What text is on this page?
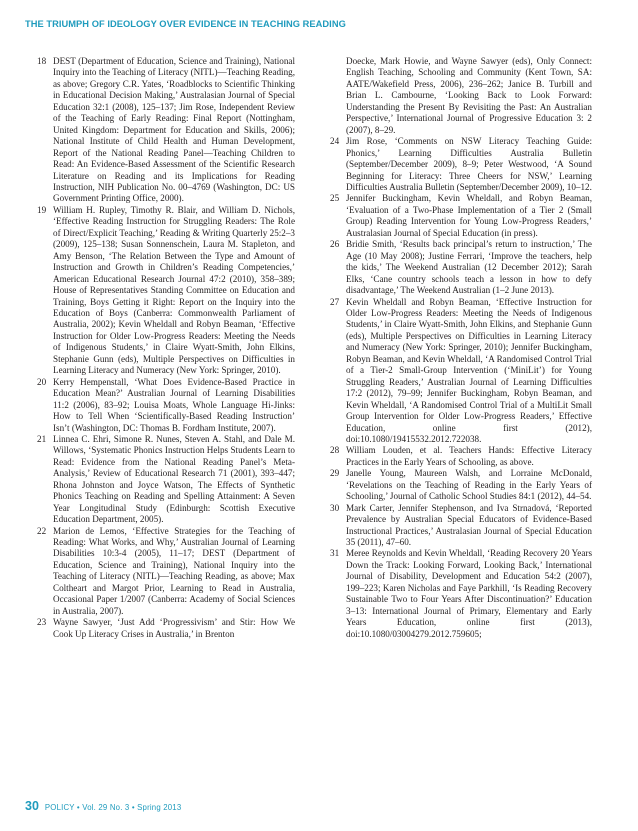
THE TRIUMPH OF IDEOLOGY OVER EVIDENCE IN TEACHING READING

18 DEST (Department of Education, Science and Training), National Inquiry into the Teaching of Literacy (NITL)—Teaching Reading, as above; Gregory C.R. Yates, ‘Roadblocks to Scientific Thinking in Educational Decision Making,’ Australasian Journal of Special Education 32:1 (2008), 125–137; Jim Rose, Independent Review of the Teaching of Early Reading: Final Report (Nottingham, United Kingdom: Department for Education and Skills, 2006); National Institute of Child Health and Human Development, Report of the National Reading Panel—Teaching Children to Read: An Evidence-Based Assessment of the Scientific Research Literature on Reading and its Implications for Reading Instruction, NIH Publication No. 00–4769 (Washington, DC: US Government Printing Office, 2000).

19 William H. Rupley, Timothy R. Blair, and William D. Nichols, ‘Effective Reading Instruction for Struggling Readers: The Role of Direct/Explicit Teaching,’ Reading & Writing Quarterly 25:2–3 (2009), 125–138; Susan Sonnenschein, Laura M. Stapleton, and Amy Benson, ‘The Relation Between the Type and Amount of Instruction and Growth in Children’s Reading Competencies,’ American Educational Research Journal 47:2 (2010), 358–389; House of Representatives Standing Committee on Education and Training, Boys Getting it Right: Report on the Inquiry into the Education of Boys (Canberra: Commonwealth Parliament of Australia, 2002); Kevin Wheldall and Robyn Beaman, ‘Effective Instruction for Older Low-Progress Readers: Meeting the Needs of Indigenous Students,’ in Claire Wyatt-Smith, John Elkins, Stephanie Gunn (eds), Multiple Perspectives on Difficulties in Learning Literacy and Numeracy (New York: Springer, 2010).

20 Kerry Hempenstall, ‘What Does Evidence-Based Practice in Education Mean?’ Australian Journal of Learning Disabilities 11:2 (2006), 83–92; Louisa Moats, Whole Language Hi-Jinks: How to Tell When ‘Scientifically-Based Reading Instruction’ Isn’t (Washington, DC: Thomas B. Fordham Institute, 2007).

21 Linnea C. Ehri, Simone R. Nunes, Steven A. Stahl, and Dale M. Willows, ‘Systematic Phonics Instruction Helps Students Learn to Read: Evidence from the National Reading Panel’s Meta-Analysis,’ Review of Educational Research 71 (2001), 393–447; Rhona Johnston and Joyce Watson, The Effects of Synthetic Phonics Teaching on Reading and Spelling Attainment: A Seven Year Longitudinal Study (Edinburgh: Scottish Executive Education Department, 2005).

22 Marion de Lemos, ‘Effective Strategies for the Teaching of Reading: What Works, and Why,’ Australian Journal of Learning Disabilities 10:3-4 (2005), 11–17; DEST (Department of Education, Science and Training), National Inquiry into the Teaching of Literacy (NITL)—Teaching Reading, as above; Max Coltheart and Margot Prior, Learning to Read in Australia, Occasional Paper 1/2007 (Canberra: Academy of Social Sciences in Australia, 2007).

23 Wayne Sawyer, ‘Just Add ‘Progressivism’ and Stir: How We Cook Up Literacy Crises in Australia,’ in Brenton

Doecke, Mark Howie, and Wayne Sawyer (eds), Only Connect: English Teaching, Schooling and Community (Kent Town, SA: AATE/Wakefield Press, 2006), 236–262; Janice B. Turbill and Brian L. Cambourne, ‘Looking Back to Look Forward: Understanding the Present By Revisiting the Past: An Australian Perspective,’ International Journal of Progressive Education 3: 2 (2007), 8–29.

24 Jim Rose, ‘Comments on NSW Literacy Teaching Guide: Phonics,’ Learning Difficulties Australia Bulletin (September/December 2009), 8–9; Peter Westwood, ‘A Sound Beginning for Literacy: Three Cheers for NSW,’ Learning Difficulties Australia Bulletin (September/December 2009), 10–12.

25 Jennifer Buckingham, Kevin Wheldall, and Robyn Beaman, ‘Evaluation of a Two-Phase Implementation of a Tier 2 (Small Group) Reading Intervention for Young Low-Progress Readers,’ Australasian Journal of Special Education (in press).

26 Bridie Smith, ‘Results back principal’s return to instruction,’ The Age (10 May 2008); Justine Ferrari, ‘Improve the teachers, help the kids,’ The Weekend Australian (12 December 2012); Sarah Elks, ‘Cane country schools teach a lesson in how to defy disadvantage,’ The Weekend Australian (1–2 June 2013).

27 Kevin Wheldall and Robyn Beaman, ‘Effective Instruction for Older Low-Progress Readers: Meeting the Needs of Indigenous Students,’ in Claire Wyatt-Smith, John Elkins, and Stephanie Gunn (eds), Multiple Perspectives on Difficulties in Learning Literacy and Numeracy (New York: Springer, 2010); Jennifer Buckingham, Robyn Beaman, and Kevin Wheldall, ‘A Randomised Control Trial of a Tier-2 Small-Group Intervention (‘MiniLit’) for Young Struggling Readers,’ Australian Journal of Learning Difficulties 17:2 (2012), 79–99; Jennifer Buckingham, Robyn Beaman, and Kevin Wheldall, ‘A Randomised Control Trial of a MultiLit Small Group Intervention for Older Low-Progress Readers,’ Effective Education, online first (2012), doi:10.1080/19415532.2012.722038.

28 William Louden, et al. Teachers Hands: Effective Literacy Practices in the Early Years of Schooling, as above.

29 Janelle Young, Maureen Walsh, and Lorraine McDonald, ‘Revelations on the Teaching of Reading in the Early Years of Schooling,’ Journal of Catholic School Studies 84:1 (2012), 44–54.

30 Mark Carter, Jennifer Stephenson, and Iva Strnadová, ‘Reported Prevalence by Australian Special Educators of Evidence-Based Instructional Practices,’ Australasian Journal of Special Education 35 (2011), 47–60.

31 Meree Reynolds and Kevin Wheldall, ‘Reading Recovery 20 Years Down the Track: Looking Forward, Looking Back,’ International Journal of Disability, Development and Education 54:2 (2007), 199–223; Karen Nicholas and Faye Parkhill, ‘Is Reading Recovery Sustainable Two to Four Years After Discontinuation?’ Education 3–13: International Journal of Primary, Elementary and Early Years Education, online first (2013), doi:10.1080/03004279.2012.759605;

30 POLICY • Vol. 29 No. 3 • Spring 2013
